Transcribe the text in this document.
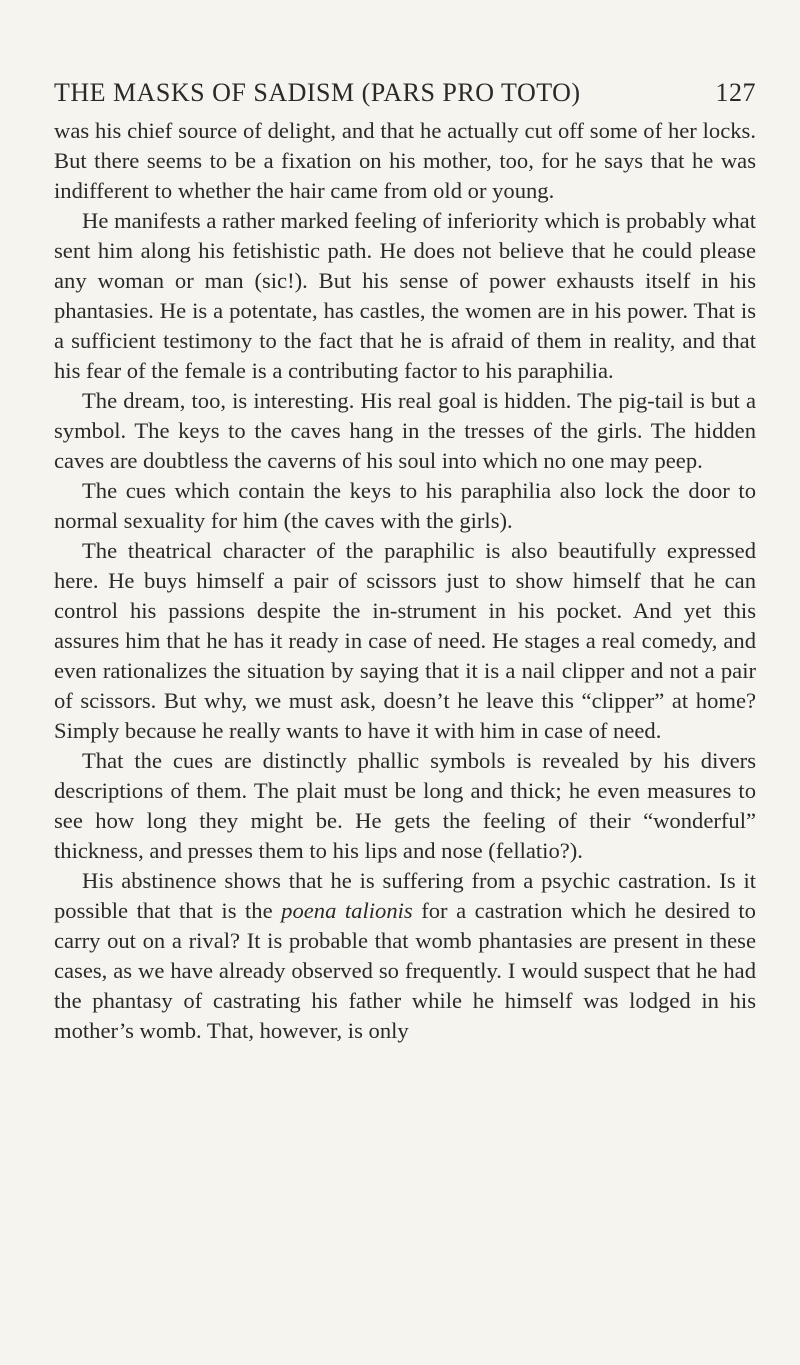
THE MASKS OF SADISM (PARS PRO TOTO)	127

was his chief source of delight, and that he actually cut off some of her locks. But there seems to be a fixation on his mother, too, for he says that he was indifferent to whether the hair came from old or young.

He manifests a rather marked feeling of inferiority which is probably what sent him along his fetishistic path. He does not believe that he could please any woman or man (sic!). But his sense of power exhausts itself in his phantasies. He is a potentate, has castles, the women are in his power. That is a sufficient testimony to the fact that he is afraid of them in reality, and that his fear of the female is a contributing factor to his paraphilia.

The dream, too, is interesting. His real goal is hidden. The pig-tail is but a symbol. The keys to the caves hang in the tresses of the girls. The hidden caves are doubtless the caverns of his soul into which no one may peep.

The cues which contain the keys to his paraphilia also lock the door to normal sexuality for him (the caves with the girls).

The theatrical character of the paraphilic is also beautifully expressed here. He buys himself a pair of scissors just to show himself that he can control his passions despite the in-strument in his pocket. And yet this assures him that he has it ready in case of need. He stages a real comedy, and even rationalizes the situation by saying that it is a nail clipper and not a pair of scissors. But why, we must ask, doesn’t he leave this “clipper” at home? Simply because he really wants to have it with him in case of need.

That the cues are distinctly phallic symbols is revealed by his divers descriptions of them. The plait must be long and thick; he even measures to see how long they might be. He gets the feeling of their “wonderful” thickness, and presses them to his lips and nose (fellatio?).

His abstinence shows that he is suffering from a psychic castration. Is it possible that that is the poena talionis for a castration which he desired to carry out on a rival? It is probable that womb phantasies are present in these cases, as we have already observed so frequently. I would suspect that he had the phantasy of castrating his father while he himself was lodged in his mother’s womb. That, however, is only
